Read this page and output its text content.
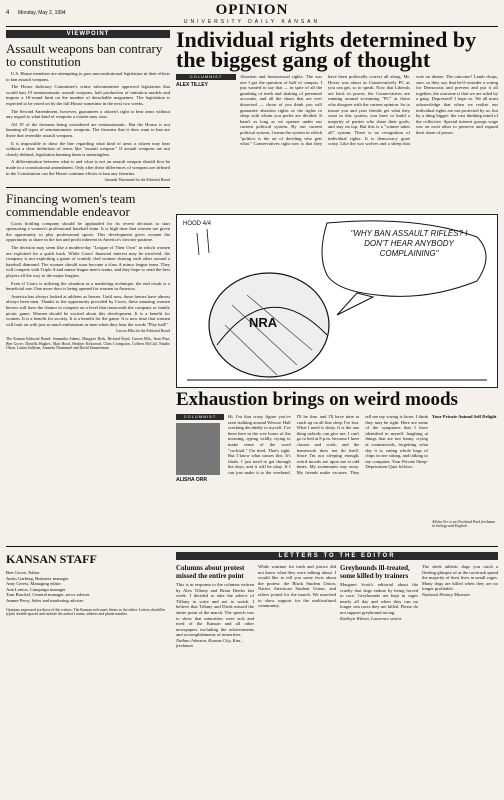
OPINION
UNIVERSITY DAILY KANSAN
4 Monday, May 2, 1994
VIEWPOINT
Assault weapons ban contrary to constitution

U.S. House members are attempting to pass unconstitutional legislation in their efforts to ban assault weapons.

The House Judiciary Committee's crime subcommittee approved legislation that would ban 19 semiautomatic assault weapons, halt production of imitation models and impose a 10-round limit on the number of detachable magazines. The legislation is expected to be voted on by the full House sometime in the next two weeks.

The Second Amendment, however, guarantees a citizen's right to bear arms without any regard to what kind of weapons a citizen may own.

All 19 of the firearms being considered are semiautomatic. But the House is not banning all types of semiautomatic weapons. The firearms that it does want to ban are those that resemble assault weapons.

It is impossible to draw the line regarding what kind of arms a citizen may bear without a clear definition of terms like "assault weapon." If assault weapons are not clearly defined, legislation banning them is meaningless.

A differentiation between what is and what is not an assault weapon should first be made in a constitutional amendment. Only after these differences of weapons are defined in the Constitution can the House continue efforts to ban any firearms.

Amanda Thuemmel for the Editorial Board
Financing women's team commendable endeavor

Coors bottling company should be applauded for its recent decision to start sponsoring a women's professional baseball team. It is high time that women are given the opportunity to play professional sports. This development gives women the opportunity to share in the fun and profit inherent in America's favorite pastime.

The decision may seem like a modern-day "League of Their Own" in which women are exploited for a quick buck. While Coors' financial interest may be involved, the company is not exploiting a game of scantily clad women chasing each other around a baseball diamond. The women should soon become a class A minor league team. They will compete with Triple A and minor league men's teams, and they hope to send the best players all the way to the major leagues.

Even if Coors is utilizing the situation as a marketing technique, the end result is a beneficial one. One more door is being opened for women in America.

America has always looked at athletes as heroes. Until now, those heroes have almost always been men. Thanks to the opportunity provided by Coors, these amazing women heroes will have the chance to compete on a level that transcends the company or family picnic game. Women should be excited about this development. It is a benefit for women. It is a benefit for society. It is a benefit for the game. It is now time that women will look on with just as much enthusiasm as men when they hear the words "Play ball!"

Carson Ellis for the Editorial Board
The Kansan Editorial Board: Samantha Adams, Margaret Beck, Richard Boyd, Carson Ellis, Sean Pina, Ben Grove, Donella Hughes, Matt Hood, Heather Kirkwood, Chris Livingston, Colleen McCall, Natalie Olson, Latina Sullivan, Amanda Thuemmel and David Zimmerman
Individual rights determined by the biggest gang of thought
COLUMNIST
ALEX TILLEY
Abortion and homosexual rights. The war one I got the question of half of campus. I just wanted to say that — in spite of all the gnashing of teeth and shaking of perennial accounts, and all the chaos that are ever dissected — chose of you think you will guarantee abortion rights or the rights to sleep with whom you prefer are divided. It hasn't as long as we operate under our current political system. By our current political system, I mean the system in which "politics is the art of deciding who gets what." Conservatives right now is that they have been politically correct all along. Mr. Hover was about as Conservatively PC as you can get, so to speak. Now that Liberals are back in power, the Conservatives are running around screaming "PC" at those who disagree with the current opinion. So to insure you and your friends get what they want in this system, you have to build a majority of parties who share their goals, and stay on top. But this is a "winner takes all" system. There is no recognition of individual rights. It is democracy gone crazy. Like the two wolves and a sheep that vote on dinner. The outcome? Lamb chops, sure, so they say, that he'd consider a voting for Democrats and prevent and put it all together, the outcome is that we are ruled by a gang. Depressed? I hope so. We all must acknowledge that when we realize our individual rights are not protected by us, but by a thing bigger: the vast thinking mind of the collective. Special interest groups wage war on each other to preserve and expand their share of power.
"WHY BAN ASSAULT RIFLES? I DON'T HEAR ANYBODY COMPLAINING"
NRA
HOOD 4/4
Exhaustion brings on weird moods
COLUMNIST
ALISHA ORR
Hi. I'm that crazy figure you've seen stalking around Wescoe Hall cracking decidedly to myself. I've been here in the wee hours of the morning, typing wildly, trying to make sense of the word "cocktail." I'm tired. That's right. But I know what causes this. It's finals. I just need to get through the days, and it will be okay. If I can just make it to the weekend, I'll be fine, and I'll have time to catch up on all that sleep I've lost. What I need is sleep. It is the one thing nobody can give me. I can't go to bed at 8 p.m. because I have classes and work, and the homework does not do itself. Since I'm not sleeping enough, weird moods are upon me at odd times. My roommates stay away. My friends make excuses. They tell me my wiring is loose. I think they may be right. Here are some of the symptoms that I have identified in myself: laughing at things that are not funny, crying at commercials, forgetting what day it is, eating whole bags of chips in one sitting, and talking to my computer. Your Private Sleep-Deprivation Quiz follows.
Your Private Animal Self Delight
Alisha Orr is an Overland Park freshman in biology and English.
KANSAN STAFF
Ben Grove, Editor
Justin Garberg, Business manager
Amy Ceresi, Managing editor
Ann Lemos, Campaign manager
Tom Bruckel, General manager, news adviser
Jeanne Perry, Sales and marketing adviser
Opinions expressed are those of the writers. The Kansan welcomes letters to the editor. Letters should be typed, double-spaced and include the author's name, address and phone number.
LETTERS TO THE EDITOR
Columns about protest missed the entire point
This is in response to the columns written by Alex Tiffany and Brian Dierks last week. I decided to take the advice of Tiffany to write and not to watch. I believe that Tiffany and Dierk missed the entire point of the march. The speech was to show that minorities were sick and tired of the Kansan and all other newspapers excluding the achievements and accomplishments of minorities.
Nathan Johnson, Kansas City, Kan., freshman
While wartime for truth and justice did not know what they were talking about. I would like to tell you some facts about the protest: the Black Student Union, Native American Student Union, and others joined for the march. We marched to show support for the multicultural community.
Greyhounds ill-treated, some killed by trainers
Margaret Scott's editorial about the cruelty that dogs endure by being forced to race. Greyhounds are kept in cages nearly all day and when they can no longer win races they are killed. Please do not support greyhound racing.
Kathryn Wilson, Lawrence senior
The sleek athletic dogs you catch a fleeting glimpse of at the racetrack spend the majority of their lives in small cages. Many dogs are killed when they are no longer profitable.
National History Museum
